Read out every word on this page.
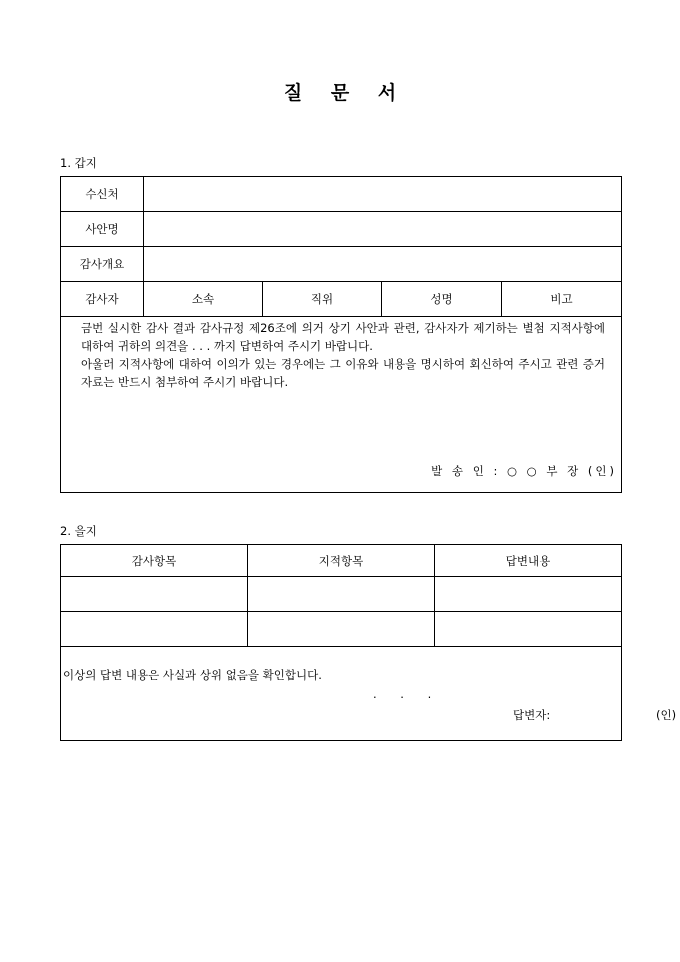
질 문 서
1. 갑지
수신처				
사안명				
감사개요				
감사자	소속	직위	성명	비고

금번 실시한 감사 결과 감사규정 제26조에 의거 상기 사안과 관련, 감사자가 제기하는 별첨 지적사항에 대하여 귀하의 의견을 . . . 까지 답변하여 주시기 바랍니다.

아울러 지적사항에 대하여 이의가 있는 경우에는 그 이유와 내용을 명시하여 회신하여 주시고 관련 증거자료는 반드시 첨부하여 주시기 바랍니다.

발 송 인 : ○ ○ 부 장 (인)				
2. 을지
감사항목	지적항목	답변내용

이상의 답변 내용은 사실과 상위 없음을 확인합니다.
. . .
답변자: (인)		
